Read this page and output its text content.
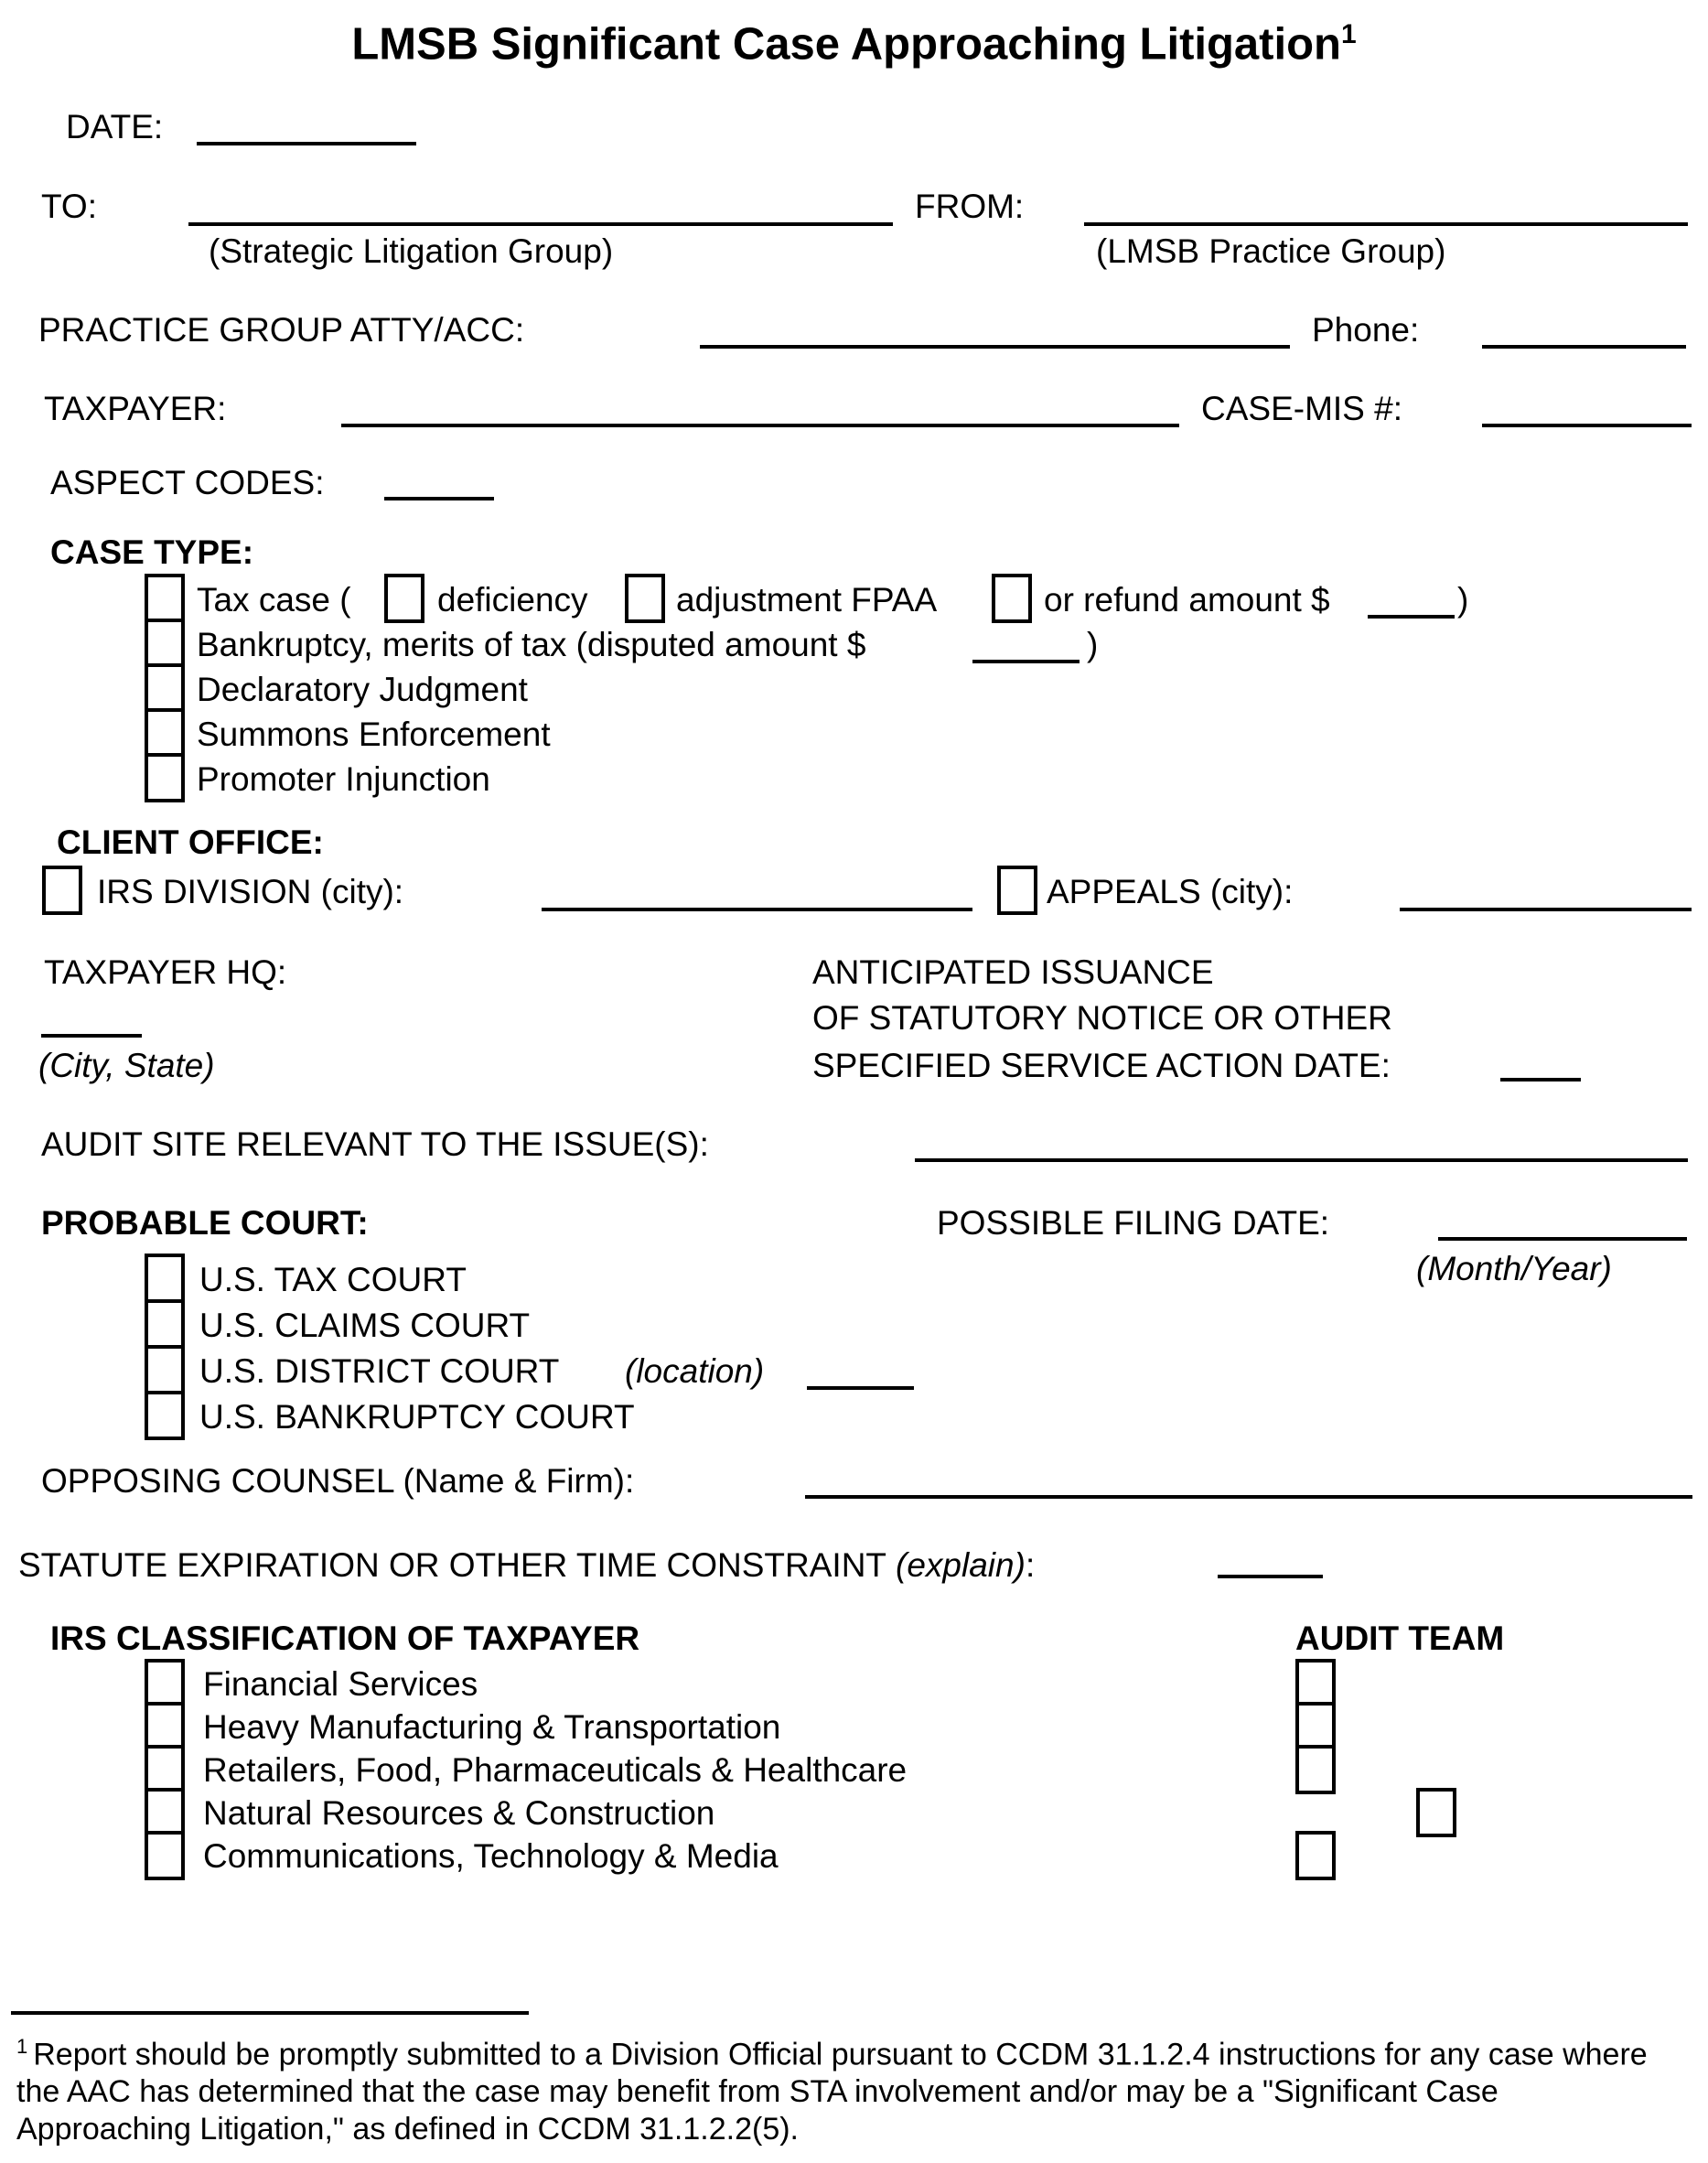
LMSB Significant Case Approaching Litigation$^1$
DATE:
TO:
(Strategic Litigation Group)
FROM:
(LMSB Practice Group)
PRACTICE GROUP ATTY/ACC:	Phone:
TAXPAYER:	CASE-MIS #:
ASPECT CODES:
CASE TYPE:
Tax case (	deficiency	adjustment FPAA	or refund amount $	)
Bankruptcy, merits of tax (disputed amount $	)
Declaratory Judgment
Summons Enforcement
Promoter Injunction
CLIENT OFFICE:
IRS DIVISION (city):	APPEALS (city):
TAXPAYER HQ:	ANTICIPATED ISSUANCE
OF STATUTORY NOTICE OR OTHER
(City, State)	SPECIFIED SERVICE ACTION DATE:
AUDIT SITE RELEVANT TO THE ISSUE(S):
PROBABLE COURT:	POSSIBLE FILING DATE:
(Month/Year)
U.S. TAX COURT
U.S. CLAIMS COURT
U.S. DISTRICT COURT (location)
U.S. BANKRUPTCY COURT
OPPOSING COUNSEL (Name & Firm):
STATUTE EXPIRATION OR OTHER TIME CONSTRAINT (explain):
IRS CLASSIFICATION OF TAXPAYER	AUDIT TEAM
Financial Services
Heavy Manufacturing & Transportation
Retailers, Food, Pharmaceuticals & Healthcare
Natural Resources & Construction
Communications, Technology & Media
$^1$ Report should be promptly submitted to a Division Official pursuant to CCDM 31.1.2.4 instructions for any case where the AAC has determined that the case may benefit from STA involvement and/or may be a "Significant Case Approaching Litigation," as defined in CCDM 31.1.2.2(5).
